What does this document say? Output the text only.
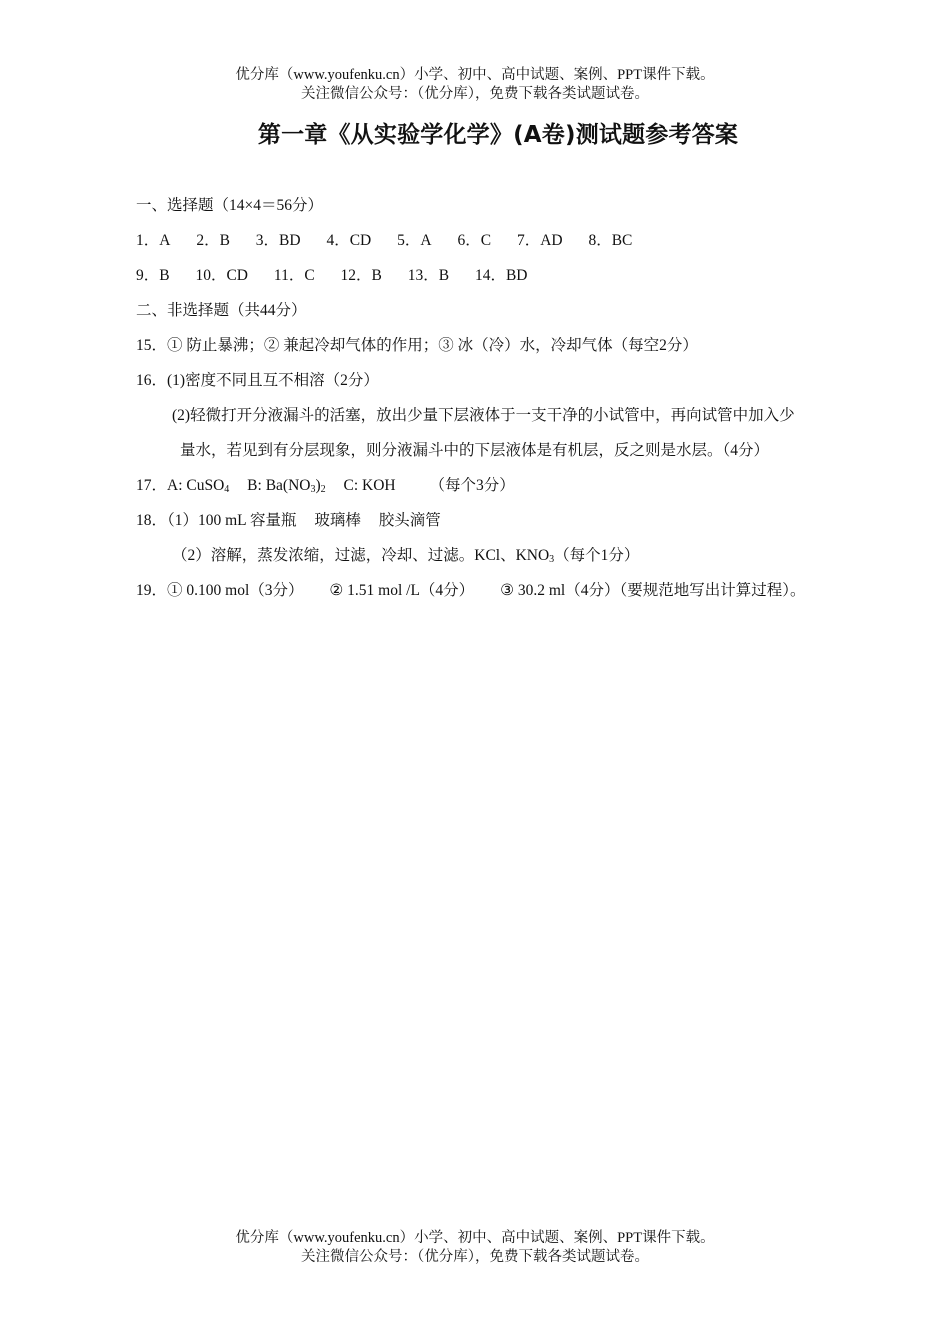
优分库（www.youfenku.cn）小学、初中、高中试题、案例、PPT课件下载。
关注微信公众号：（优分库），免费下载各类试题试卷。
第一章《从实验学化学》(A卷)测试题参考答案
一、选择题（14×4＝56分）
1．A 2．B 3．BD 4．CD 5．A 6．C 7．AD 8．BC
9．B 10．CD 11．C 12．B 13．B 14．BD
二、非选择题（共44分）
15．① 防止暴沸；② 兼起冷却气体的作用；③ 冰（冷）水，冷却气体（每空2分）
16．(1)密度不同且互不相溶（2分）
(2)轻微打开分液漏斗的活塞，放出少量下层液体于一支干净的小试管中，再向试管中加入少
量水，若见到有分层现象，则分液漏斗中的下层液体是有机层，反之则是水层。（4分）
17．A: CuSO$_4$ B: $Ba(NO_3)_2$ C: KOH （每个3分）
18．（1）100 mL 容量瓶 玻璃棒 胶头滴管
（2）溶解，蒸发浓缩，过滤，冷却、过滤。KCl、$KNO_3$（每个1分）
19．① 0.100 mol（3分） ② 1.51 mol /L（4分） ③ 30.2 ml（4分）（要规范地写出计算过程）。
优分库（www.youfenku.cn）小学、初中、高中试题、案例、PPT课件下载。
关注微信公众号：（优分库），免费下载各类试题试卷。
